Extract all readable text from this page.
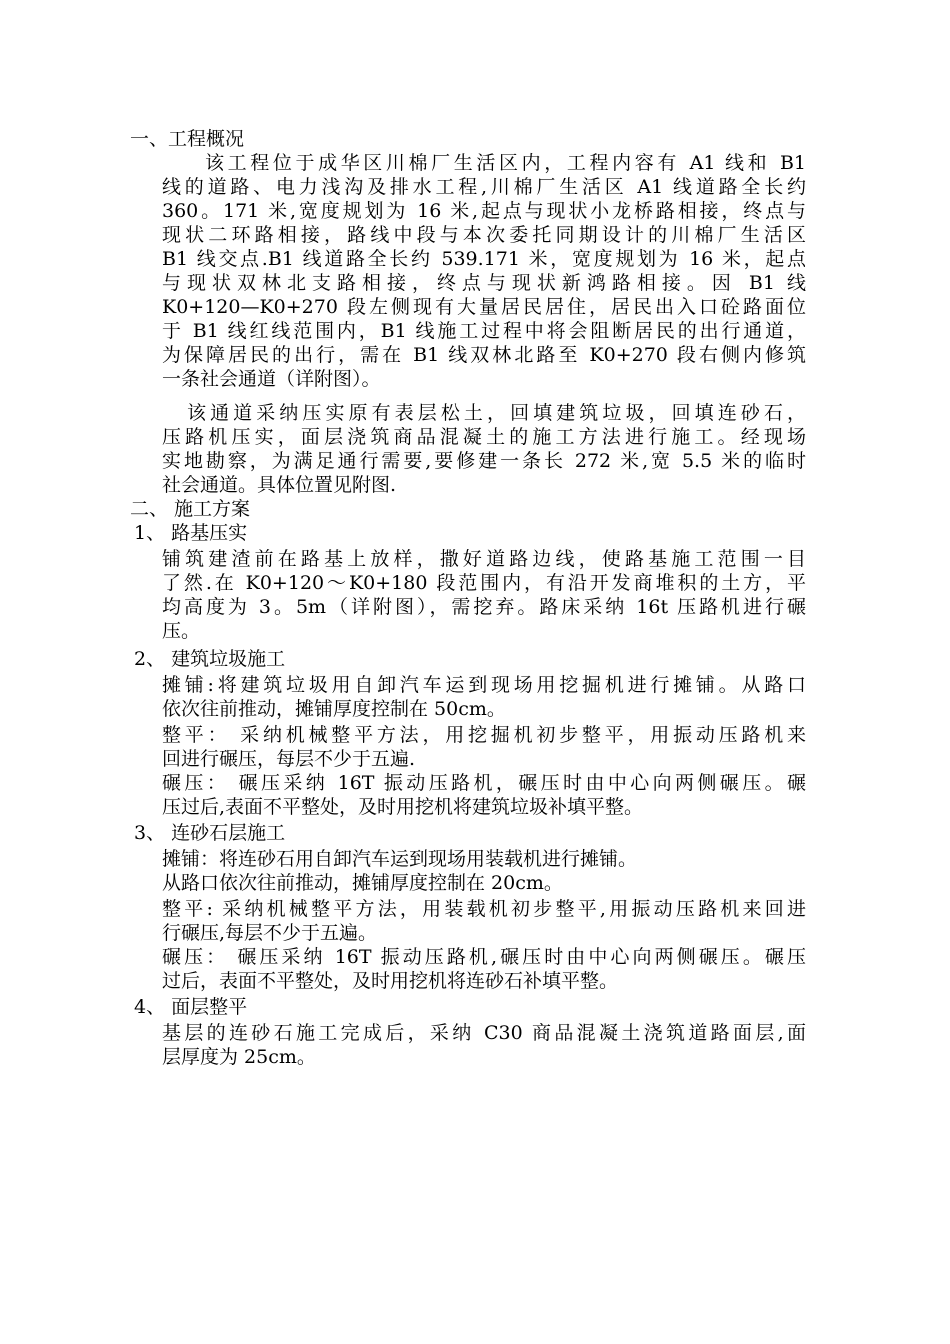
一、工程概况
该工程位于成华区川棉厂生活区内，工程内容有 A1 线和 B1
线的道路、电力浅沟及排水工程,川棉厂生活区 A1 线道路全长约
360。171 米,宽度规划为 16 米,起点与现状小龙桥路相接，终点与
现状二环路相接，路线中段与本次委托同期设计的川棉厂生活区
B1 线交点.B1 线道路全长约 539.171 米，宽度规划为 16 米，起点
与现状双林北支路相接，终点与现状新鸿路相接。因 B1 线
K0+120—K0+270 段左侧现有大量居民居住，居民出入口砼路面位
于 B1 线红线范围内，B1 线施工过程中将会阻断居民的出行通道，
为保障居民的出行，需在 B1 线双林北路至 K0+270 段右侧内修筑
一条社会通道（详附图）。
该通道采纳压实原有表层松土，回填建筑垃圾，回填连砂石，
压路机压实，面层浇筑商品混凝土的施工方法进行施工。经现场
实地勘察，为满足通行需要,要修建一条长 272 米,宽 5.5 米的临时
社会通道。具体位置见附图.
二、 施工方案
1、 路基压实
铺筑建渣前在路基上放样，撒好道路边线，使路基施工范围一目
了然.在 K0+120～K0+180 段范围内，有沿开发商堆积的土方，平
均高度为 3。5m（详附图），需挖弃。路床采纳 16t 压路机进行碾
压。
2、 建筑垃圾施工
摊铺:将建筑垃圾用自卸汽车运到现场用挖掘机进行摊铺。从路口
依次往前推动，摊铺厚度控制在 50cm。
整平： 采纳机械整平方法，用挖掘机初步整平，用振动压路机来
回进行碾压，每层不少于五遍.
碾压： 碾压采纳 16T 振动压路机，碾压时由中心向两侧碾压。碾
压过后,表面不平整处，及时用挖机将建筑垃圾补填平整。
3、 连砂石层施工
摊铺：将连砂石用自卸汽车运到现场用装载机进行摊铺。
从路口依次往前推动，摊铺厚度控制在 20cm。
整平: 采纳机械整平方法，用装载机初步整平,用振动压路机来回进
行碾压,每层不少于五遍。
碾压： 碾压采纳 16T 振动压路机,碾压时由中心向两侧碾压。碾压
过后，表面不平整处，及时用挖机将连砂石补填平整。
4、 面层整平
基层的连砂石施工完成后，采纳 C30 商品混凝土浇筑道路面层,面
层厚度为 25cm。
